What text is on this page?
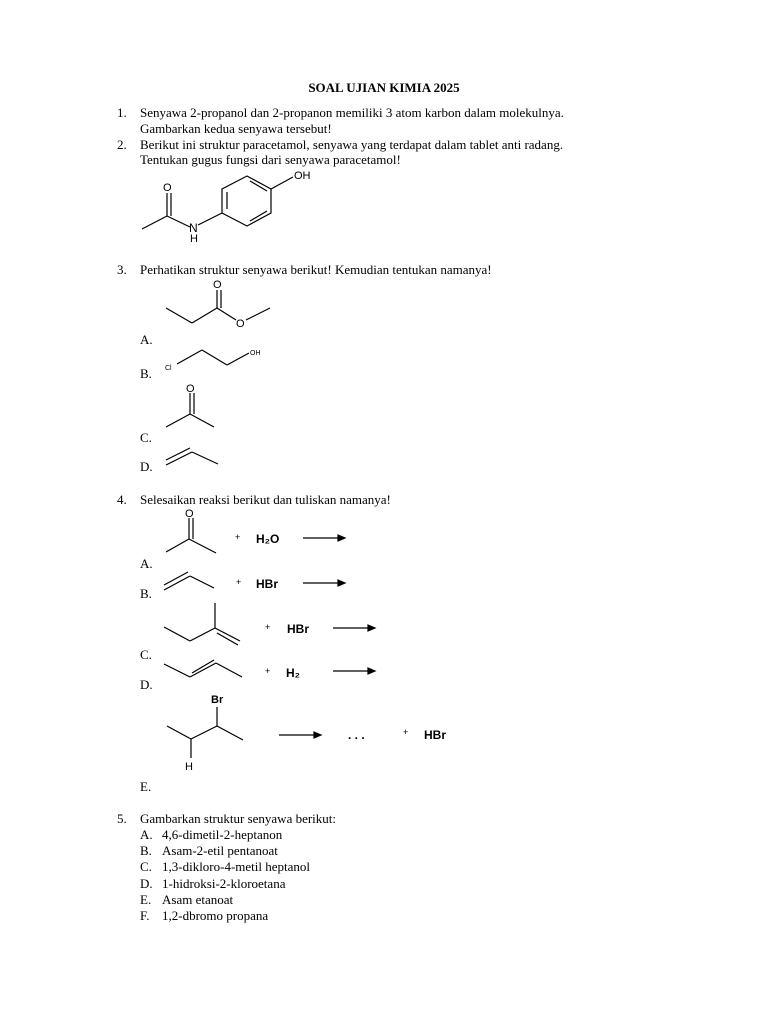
SOAL UJIAN KIMIA 2025
1. Senyawa 2-propanol dan 2-propanon memiliki 3 atom karbon dalam molekulnya.
Gambarkan kedua senyawa tersebut!
2. Berikut ini struktur paracetamol, senyawa yang terdapat dalam tablet anti radang.
Tentukan gugus fungsi dari senyawa paracetamol!
O
N
H
OH
3. Perhatikan struktur senyawa berikut! Kemudian tentukan namanya!
O
O
Cl
OH
O
A.
B.
C.
D.
4. Selesaikan reaksi berikut dan tuliskan namanya!
O
+ H₂O
+ HBr
+ HBr
+ H₂
Br
H
. . .	+ HBr
A.
B.
C.
D.
E.
5. Gambarkan struktur senyawa berikut:
A. 4,6-dimetil-2-heptanon
B. Asam-2-etil pentanoat
C. 1,3-dikloro-4-metil heptanol
D. 1-hidroksi-2-kloroetana
E. Asam etanoat
F. 1,2-dbromo propana
